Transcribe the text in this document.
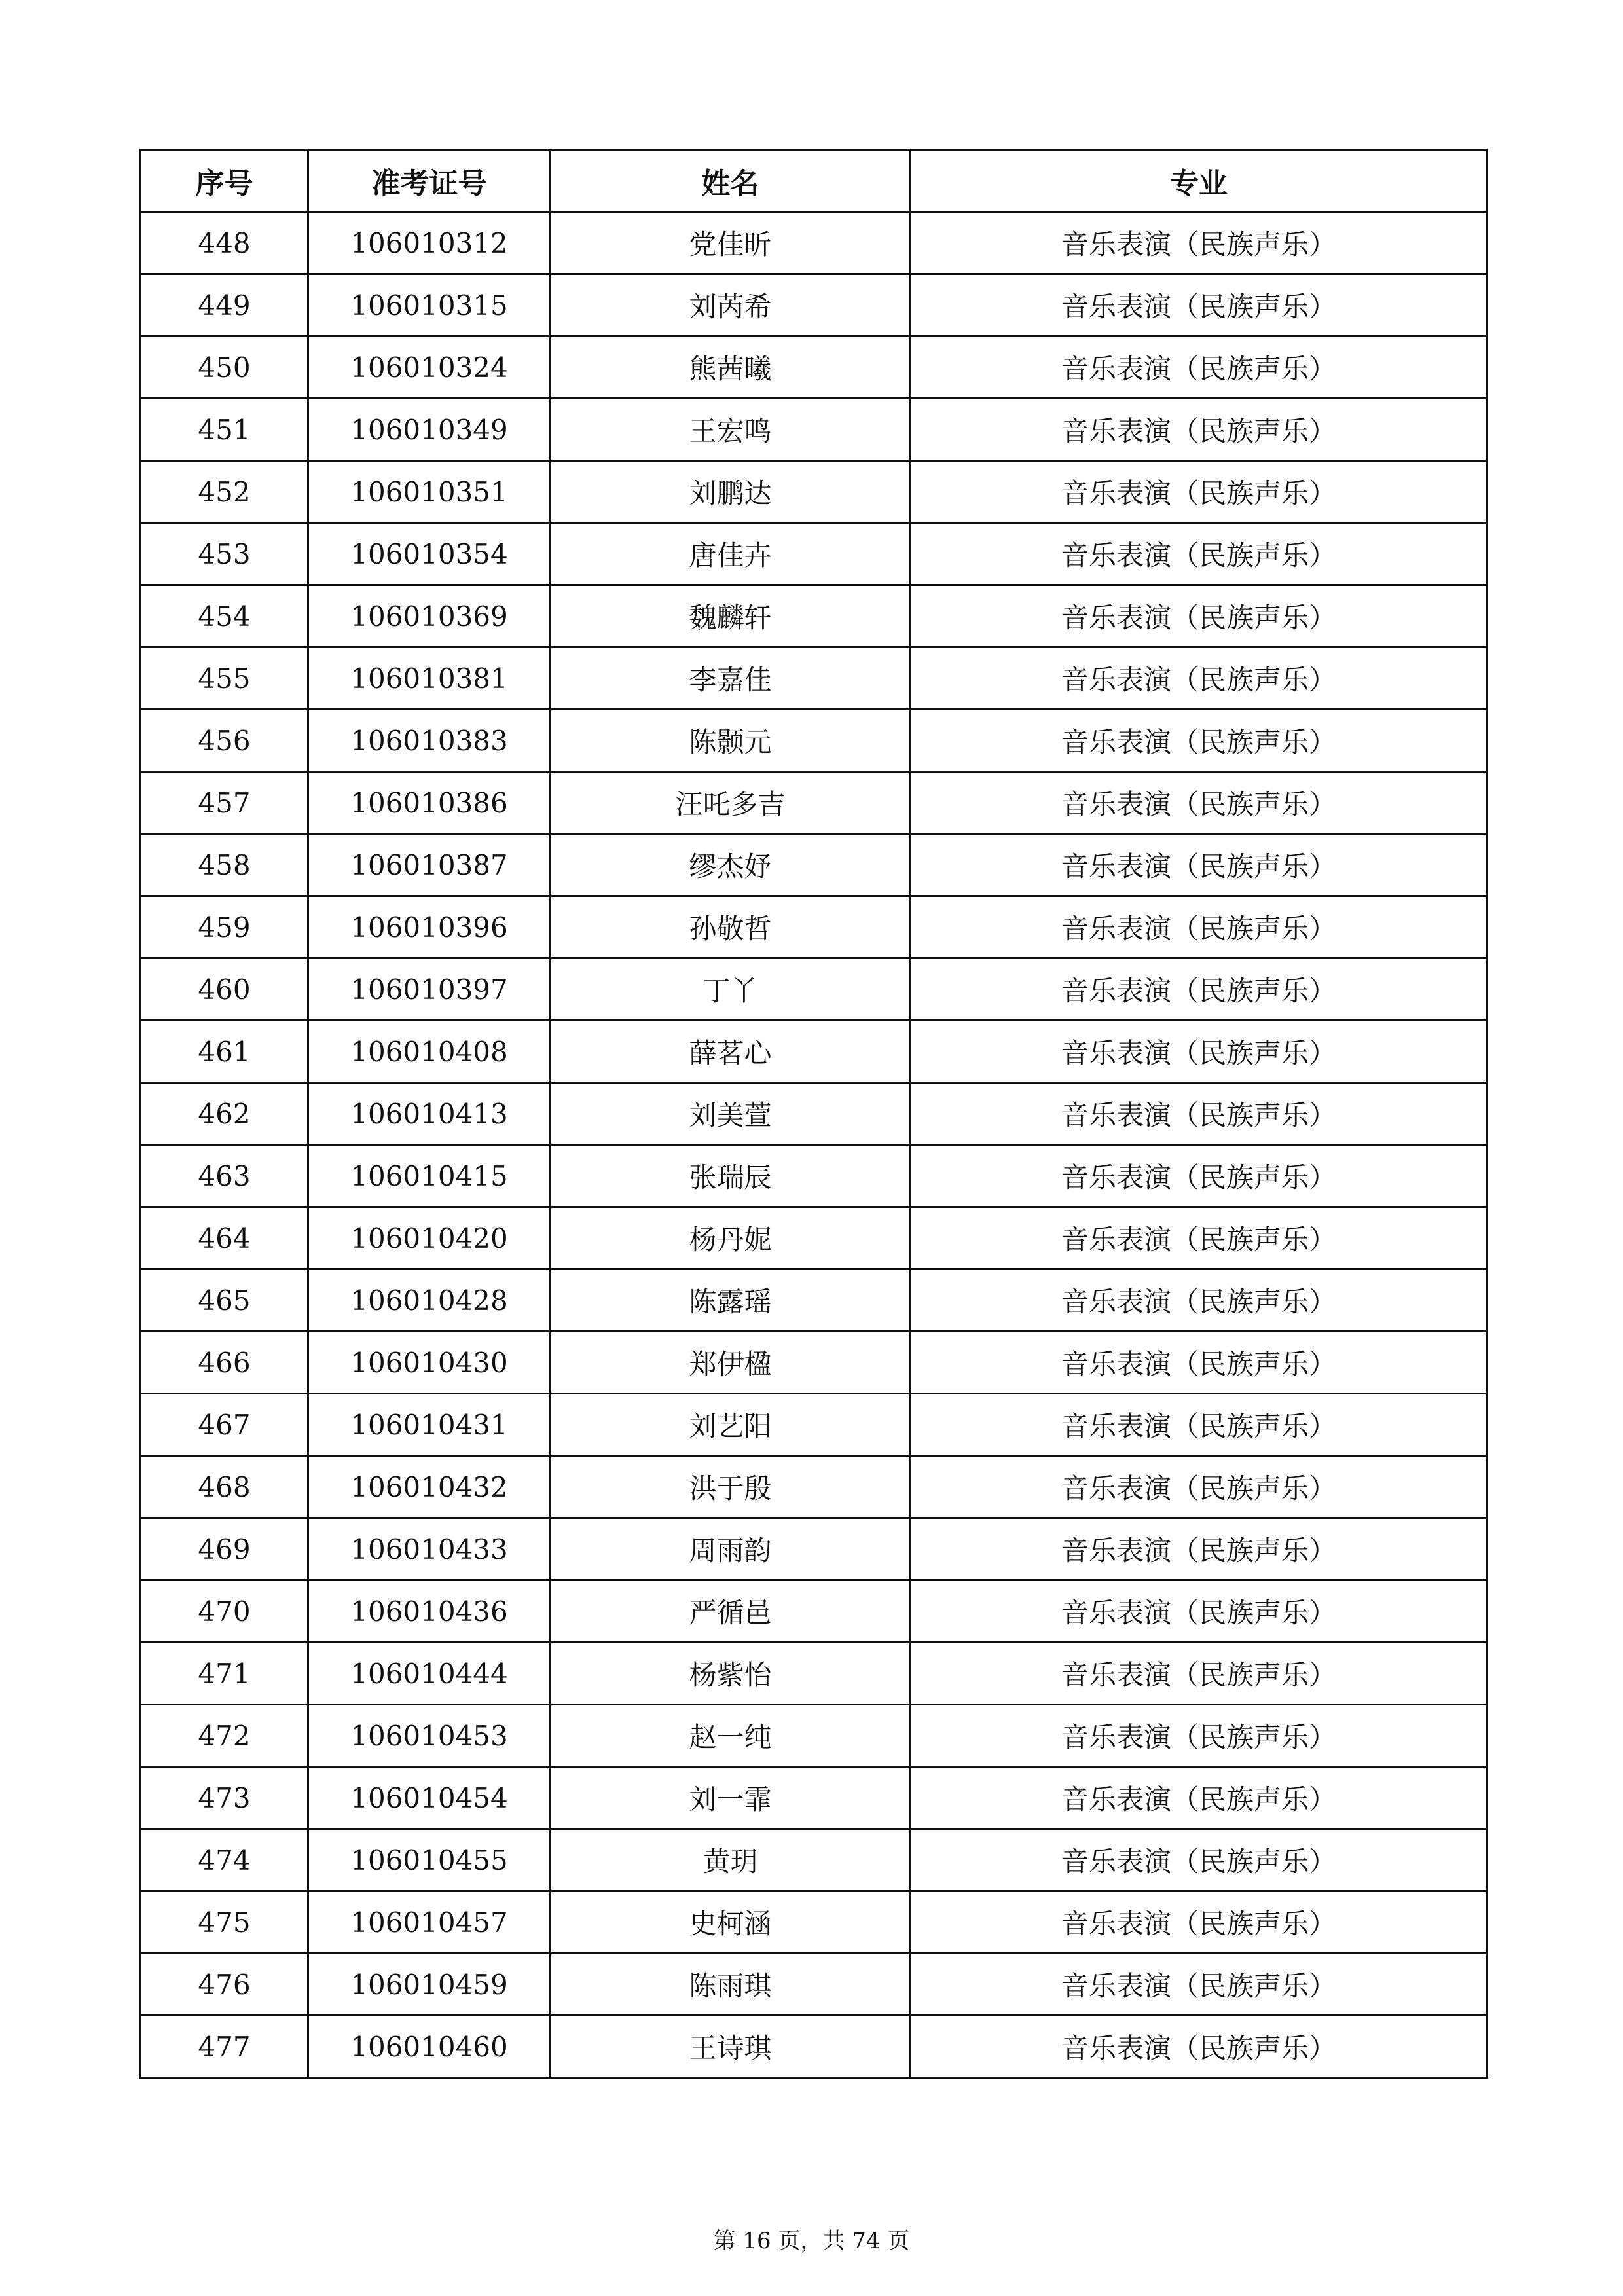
序号	准考证号	姓名	专业
448	106010312	党佳昕	音乐表演（民族声乐）
449	106010315	刘芮希	音乐表演（民族声乐）
450	106010324	熊茜曦	音乐表演（民族声乐）
451	106010349	王宏鸣	音乐表演（民族声乐）
452	106010351	刘鹏达	音乐表演（民族声乐）
453	106010354	唐佳卉	音乐表演（民族声乐）
454	106010369	魏麟轩	音乐表演（民族声乐）
455	106010381	李嘉佳	音乐表演（民族声乐）
456	106010383	陈颢元	音乐表演（民族声乐）
457	106010386	汪吒多吉	音乐表演（民族声乐）
458	106010387	缪杰妤	音乐表演（民族声乐）
459	106010396	孙敬哲	音乐表演（民族声乐）
460	106010397	丁丫	音乐表演（民族声乐）
461	106010408	薛茗心	音乐表演（民族声乐）
462	106010413	刘美萱	音乐表演（民族声乐）
463	106010415	张瑞辰	音乐表演（民族声乐）
464	106010420	杨丹妮	音乐表演（民族声乐）
465	106010428	陈露瑶	音乐表演（民族声乐）
466	106010430	郑伊楹	音乐表演（民族声乐）
467	106010431	刘艺阳	音乐表演（民族声乐）
468	106010432	洪于殷	音乐表演（民族声乐）
469	106010433	周雨韵	音乐表演（民族声乐）
470	106010436	严循邑	音乐表演（民族声乐）
471	106010444	杨紫怡	音乐表演（民族声乐）
472	106010453	赵一纯	音乐表演（民族声乐）
473	106010454	刘一霏	音乐表演（民族声乐）
474	106010455	黄玥	音乐表演（民族声乐）
475	106010457	史柯涵	音乐表演（民族声乐）
476	106010459	陈雨琪	音乐表演（民族声乐）
477	106010460	王诗琪	音乐表演（民族声乐）
第 16 页，共 74 页
